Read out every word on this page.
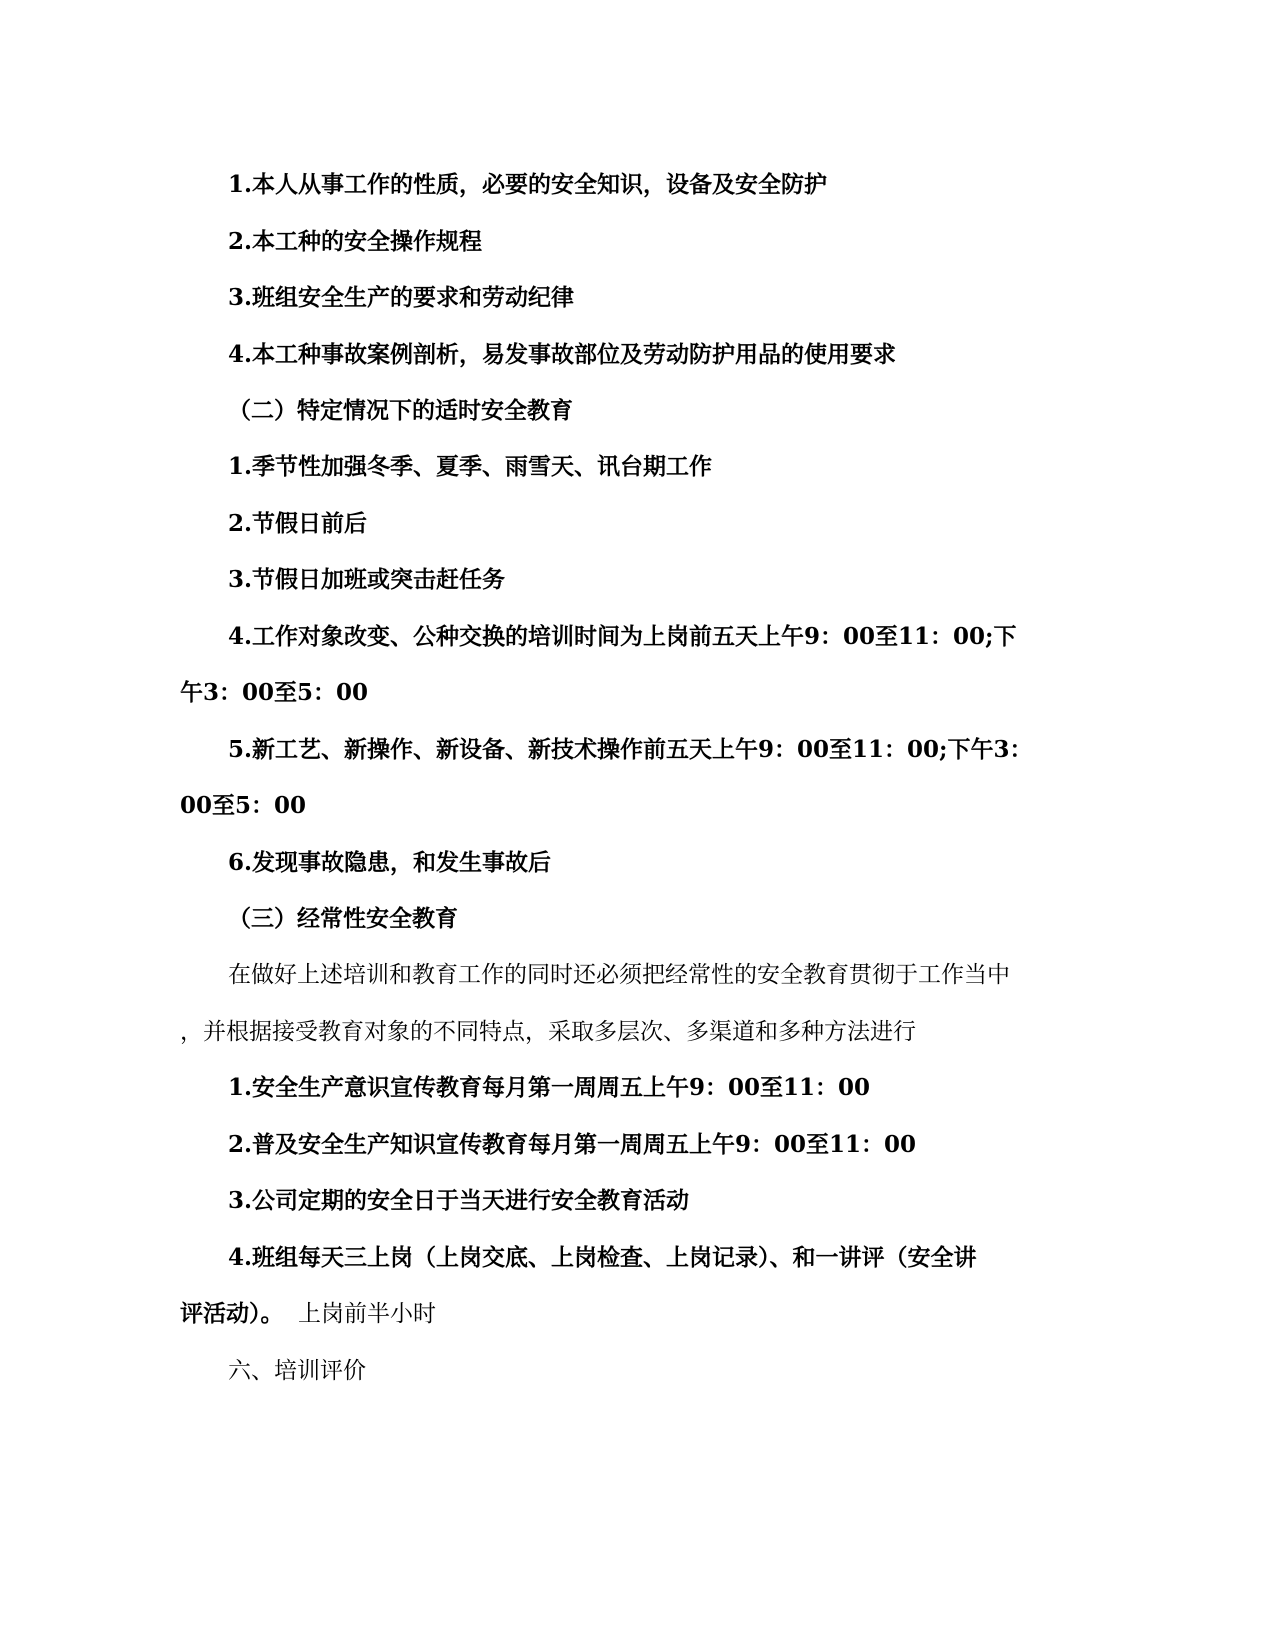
1.本人从事工作的性质，必要的安全知识，设备及安全防护
2.本工种的安全操作规程
3.班组安全生产的要求和劳动纪律
4.本工种事故案例剖析，易发事故部位及劳动防护用品的使用要求
（二）特定情况下的适时安全教育
1.季节性加强冬季、夏季、雨雪天、讯台期工作
2.节假日前后
3.节假日加班或突击赶任务
4.工作对象改变、公种交换的培训时间为上岗前五天上午9：00至11：00;下
午3：00至5：00
5.新工艺、新操作、新设备、新技术操作前五天上午9：00至11：00;下午3：
00至5：00
6.发现事故隐患，和发生事故后
（三）经常性安全教育
在做好上述培训和教育工作的同时还必须把经常性的安全教育贯彻于工作当中
，并根据接受教育对象的不同特点，采取多层次、多渠道和多种方法进行
1.安全生产意识宣传教育每月第一周周五上午9：00至11：00
2.普及安全生产知识宣传教育每月第一周周五上午9：00至11：00
3.公司定期的安全日于当天进行安全教育活动
4.班组每天三上岗（上岗交底、上岗检查、上岗记录）、和一讲评（安全讲
评活动）。 上岗前半小时
六、培训评价
